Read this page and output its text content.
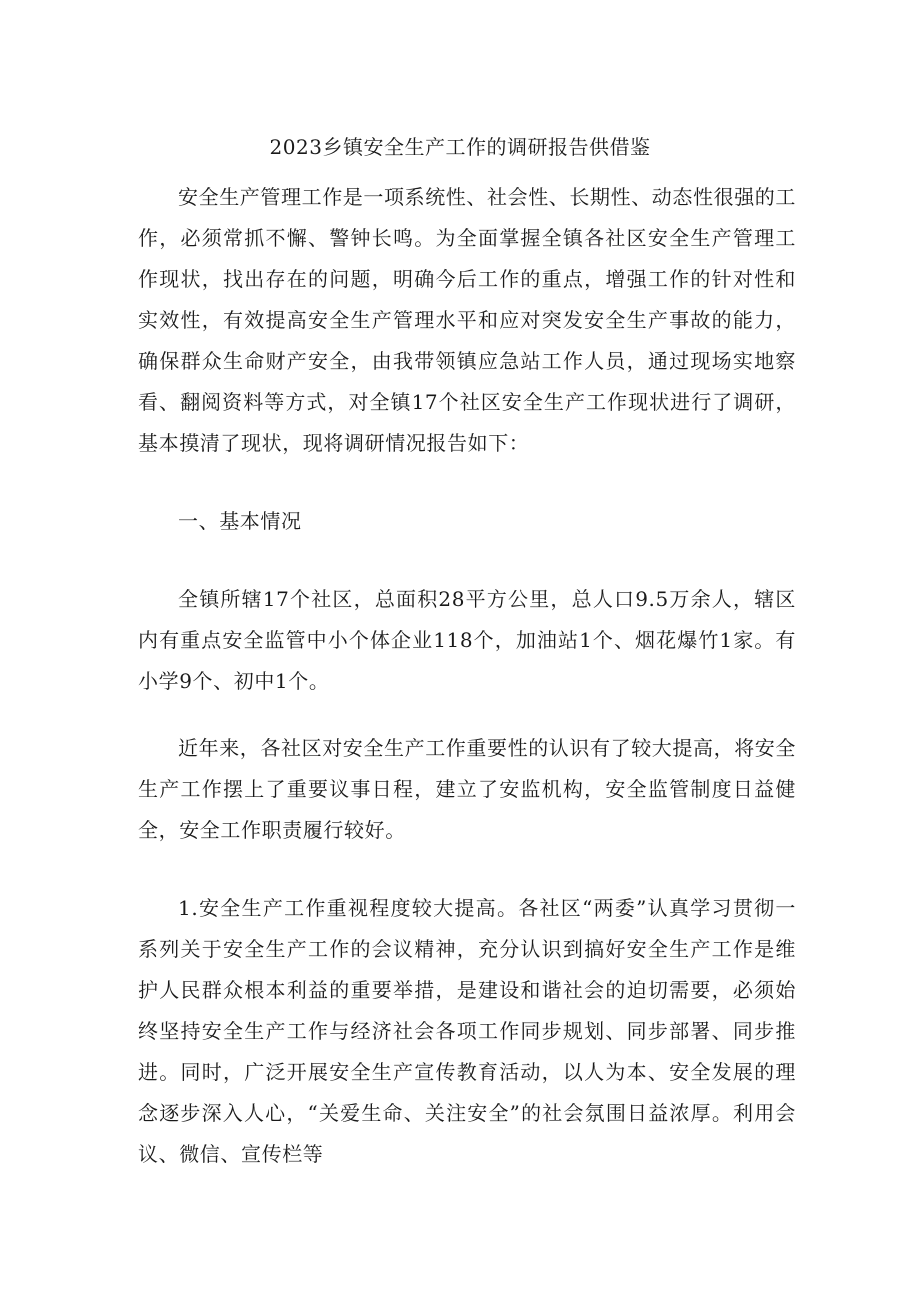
2023乡镇安全生产工作的调研报告供借鉴

安全生产管理工作是一项系统性、社会性、长期性、动态性很强的工作，必须常抓不懈、警钟长鸣。为全面掌握全镇各社区安全生产管理工作现状，找出存在的问题，明确今后工作的重点，增强工作的针对性和实效性，有效提高安全生产管理水平和应对突发安全生产事故的能力，确保群众生命财产安全，由我带领镇应急站工作人员，通过现场实地察看、翻阅资料等方式，对全镇17个社区安全生产工作现状进行了调研，基本摸清了现状，现将调研情况报告如下：

一、基本情况

全镇所辖17个社区，总面积28平方公里，总人口9.5万余人，辖区内有重点安全监管中小个体企业118个，加油站1个、烟花爆竹1家。有小学9个、初中1个。

近年来，各社区对安全生产工作重要性的认识有了较大提高，将安全生产工作摆上了重要议事日程，建立了安监机构，安全监管制度日益健全，安全工作职责履行较好。

1.安全生产工作重视程度较大提高。各社区“两委”认真学习贯彻一系列关于安全生产工作的会议精神，充分认识到搞好安全生产工作是维护人民群众根本利益的重要举措，是建设和谐社会的迫切需要，必须始终坚持安全生产工作与经济社会各项工作同步规划、同步部署、同步推进。同时，广泛开展安全生产宣传教育活动，以人为本、安全发展的理念逐步深入人心，“关爱生命、关注安全”的社会氛围日益浓厚。利用会议、微信、宣传栏等
